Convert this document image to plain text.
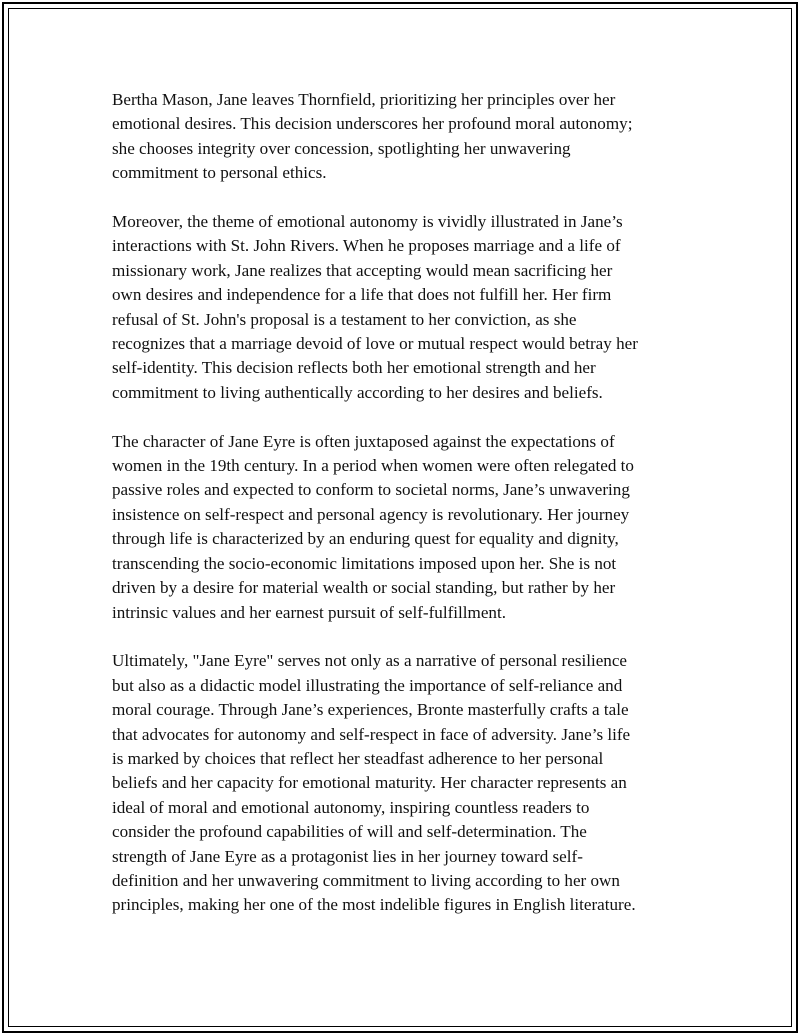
Bertha Mason, Jane leaves Thornfield, prioritizing her principles over her
emotional desires. This decision underscores her profound moral autonomy;
she chooses integrity over concession, spotlighting her unwavering
commitment to personal ethics.

Moreover, the theme of emotional autonomy is vividly illustrated in Jane’s
interactions with St. John Rivers. When he proposes marriage and a life of
missionary work, Jane realizes that accepting would mean sacrificing her
own desires and independence for a life that does not fulfill her. Her firm
refusal of St. John's proposal is a testament to her conviction, as she
recognizes that a marriage devoid of love or mutual respect would betray her
self-identity. This decision reflects both her emotional strength and her
commitment to living authentically according to her desires and beliefs.

The character of Jane Eyre is often juxtaposed against the expectations of
women in the 19th century. In a period when women were often relegated to
passive roles and expected to conform to societal norms, Jane’s unwavering
insistence on self-respect and personal agency is revolutionary. Her journey
through life is characterized by an enduring quest for equality and dignity,
transcending the socio-economic limitations imposed upon her. She is not
driven by a desire for material wealth or social standing, but rather by her
intrinsic values and her earnest pursuit of self-fulfillment.

Ultimately, "Jane Eyre" serves not only as a narrative of personal resilience
but also as a didactic model illustrating the importance of self-reliance and
moral courage. Through Jane’s experiences, Bronte masterfully crafts a tale
that advocates for autonomy and self-respect in face of adversity. Jane’s life
is marked by choices that reflect her steadfast adherence to her personal
beliefs and her capacity for emotional maturity. Her character represents an
ideal of moral and emotional autonomy, inspiring countless readers to
consider the profound capabilities of will and self-determination. The
strength of Jane Eyre as a protagonist lies in her journey toward self-
definition and her unwavering commitment to living according to her own
principles, making her one of the most indelible figures in English literature.
